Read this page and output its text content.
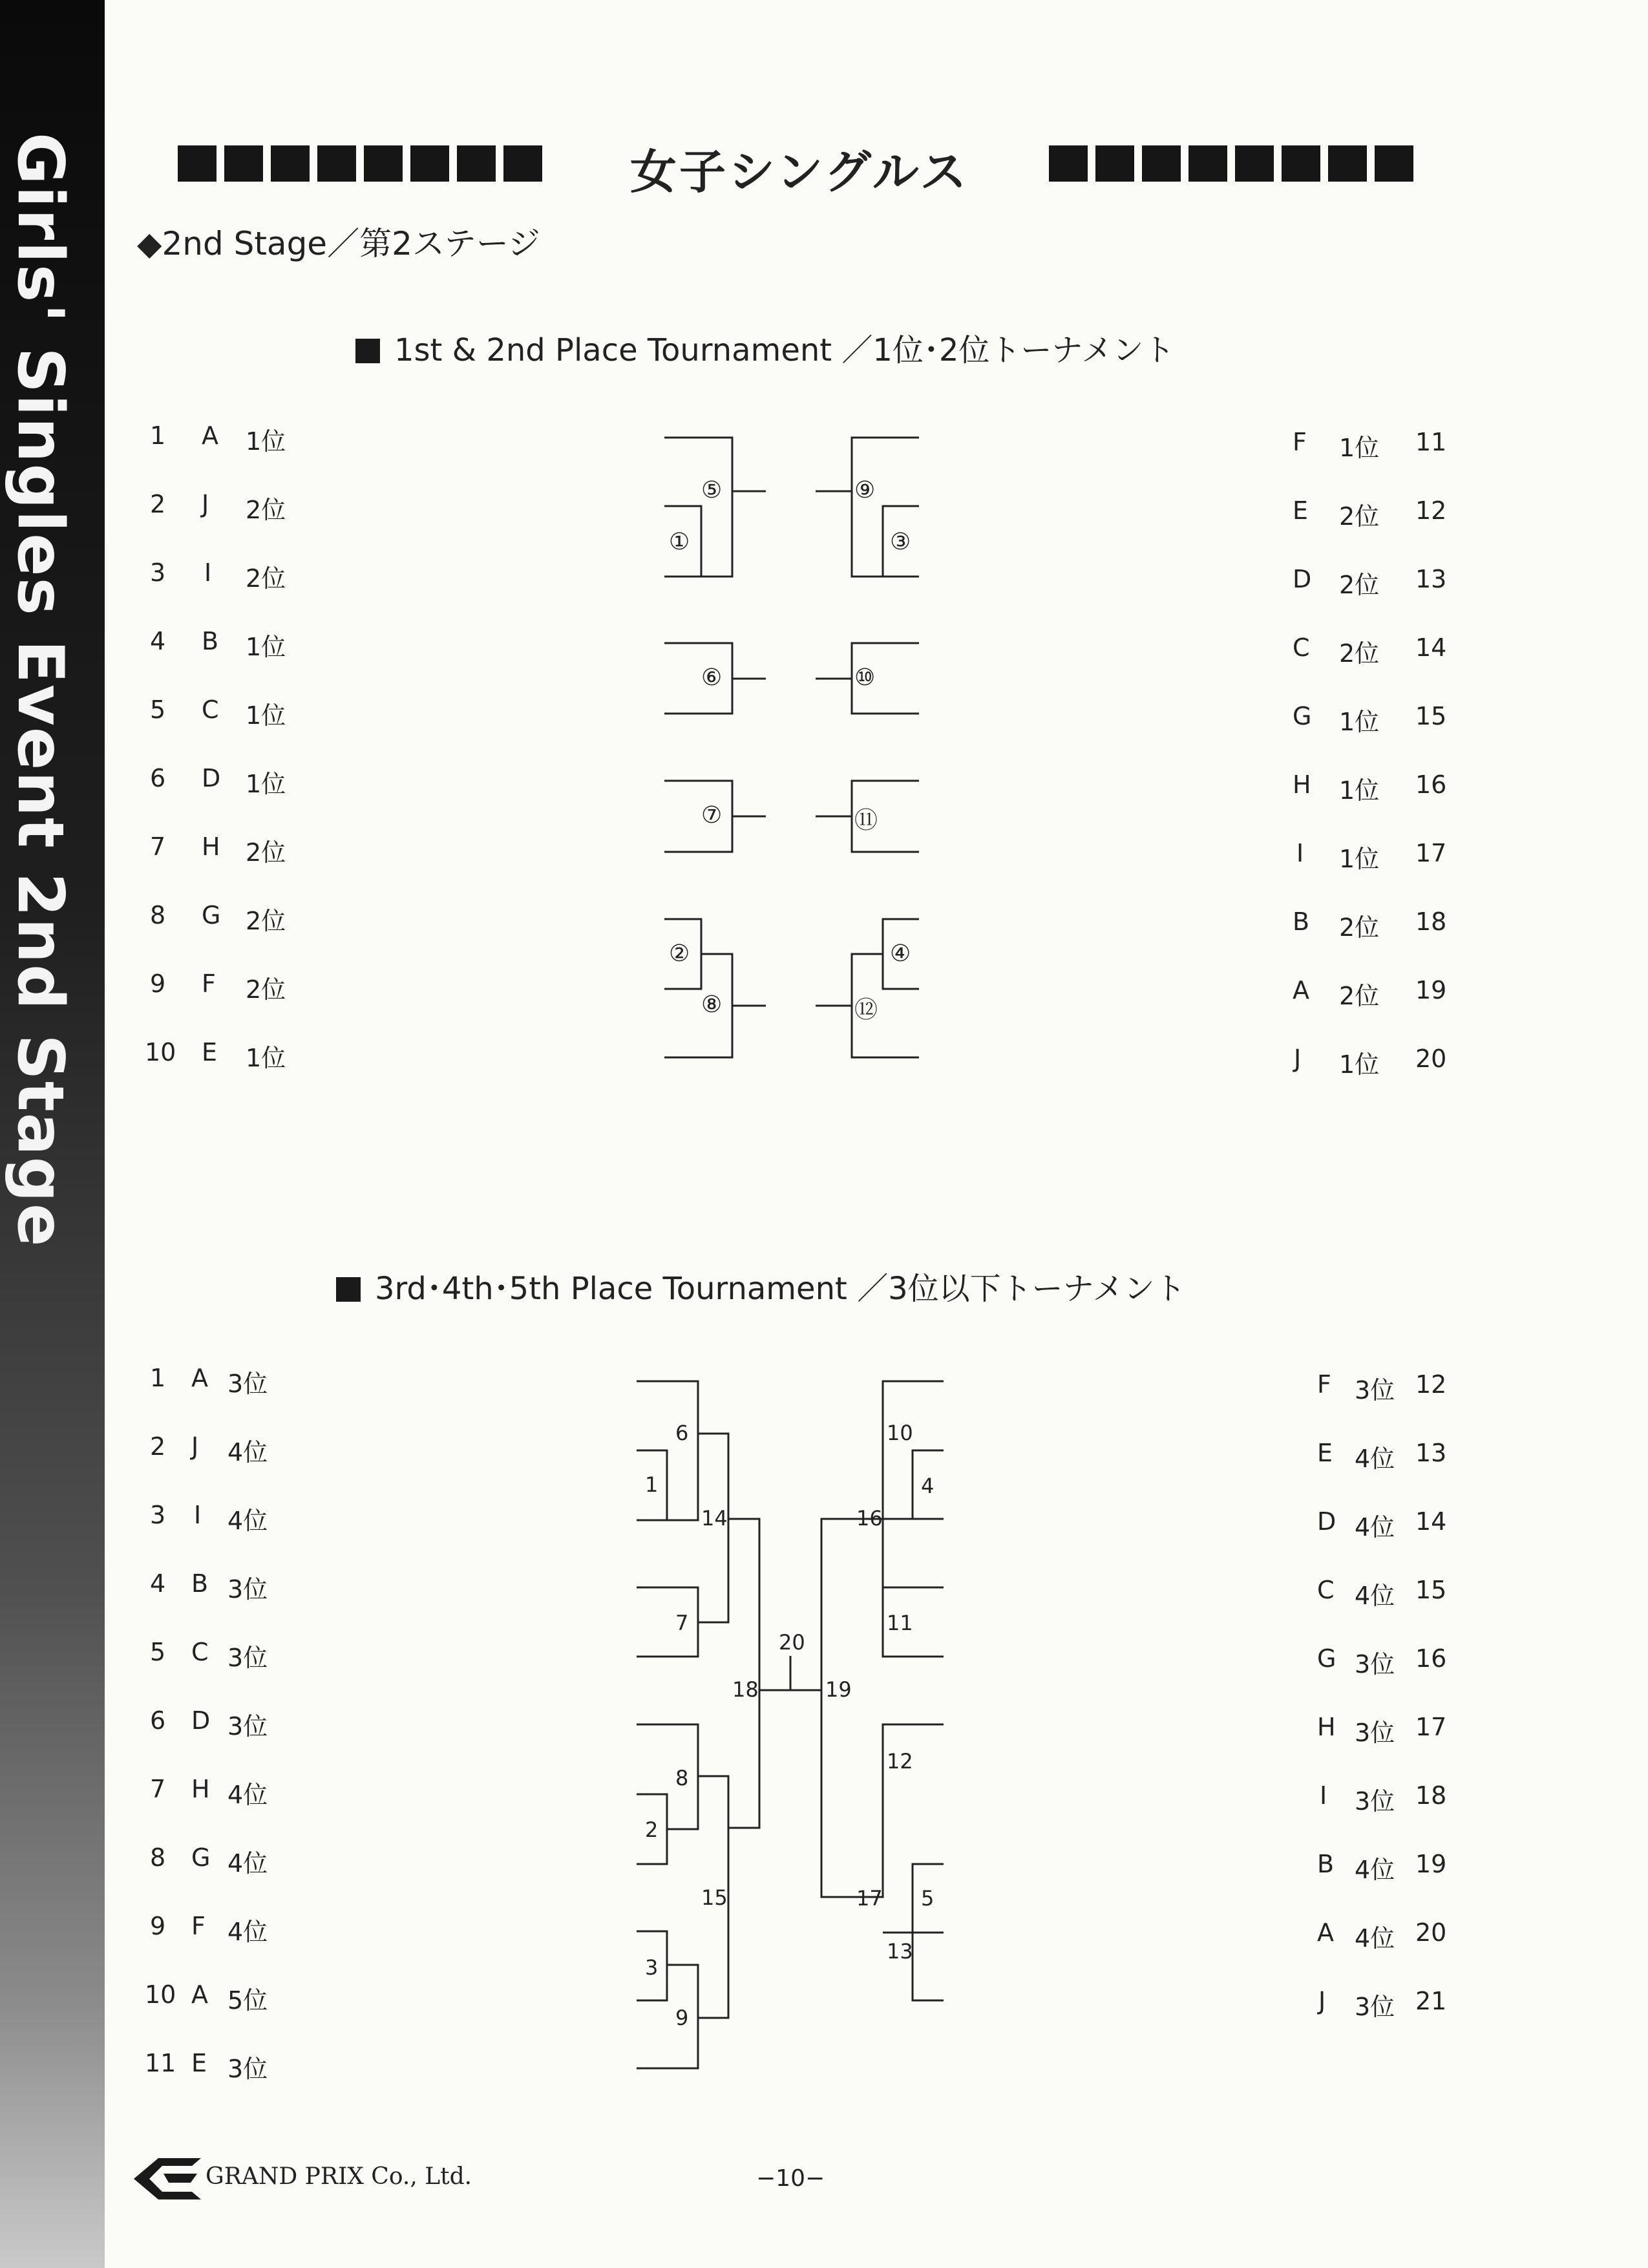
Girls' Singles Event 2nd Stage	女子シングルス
◆2nd Stage／第2ステージ
1st & 2nd Place Tournament ／1位･2位トーナメント
3rd･4th･5th Place Tournament ／3位以下トーナメント
1 A 1位
2 J 2位
3 I 2位
4 B 1位
5 C 1位
6 D 1位
7 H 2位
8 G 2位
9 F 2位
10 E 1位
F 1位 11
E 2位 12
D 2位 13
C 2位 14
G 1位 15
H 1位 16
I 1位 17
B 2位 18
A 2位 19
J 1位 20
1 A 3位
2 J 4位
3 I 4位
4 B 3位
5 C 3位
6 D 3位
7 H 4位
8 G 4位
9 F 4位
10 A 5位
11 E 3位
F 3位 12
E 4位 13
D 4位 14
C 4位 15
G 3位 16
H 3位 17
I 3位 18
B 4位 19
A 4位 20
J 3位 21
⑤
①
⑥
⑦
②
⑧
⑨
③
⑩
⑪
④
⑫
6
1
14
7
20
18	19
8
2
15
3
9
10
4
16
11
12
17 5
13
GRAND PRIX Co., Ltd.	−10−
